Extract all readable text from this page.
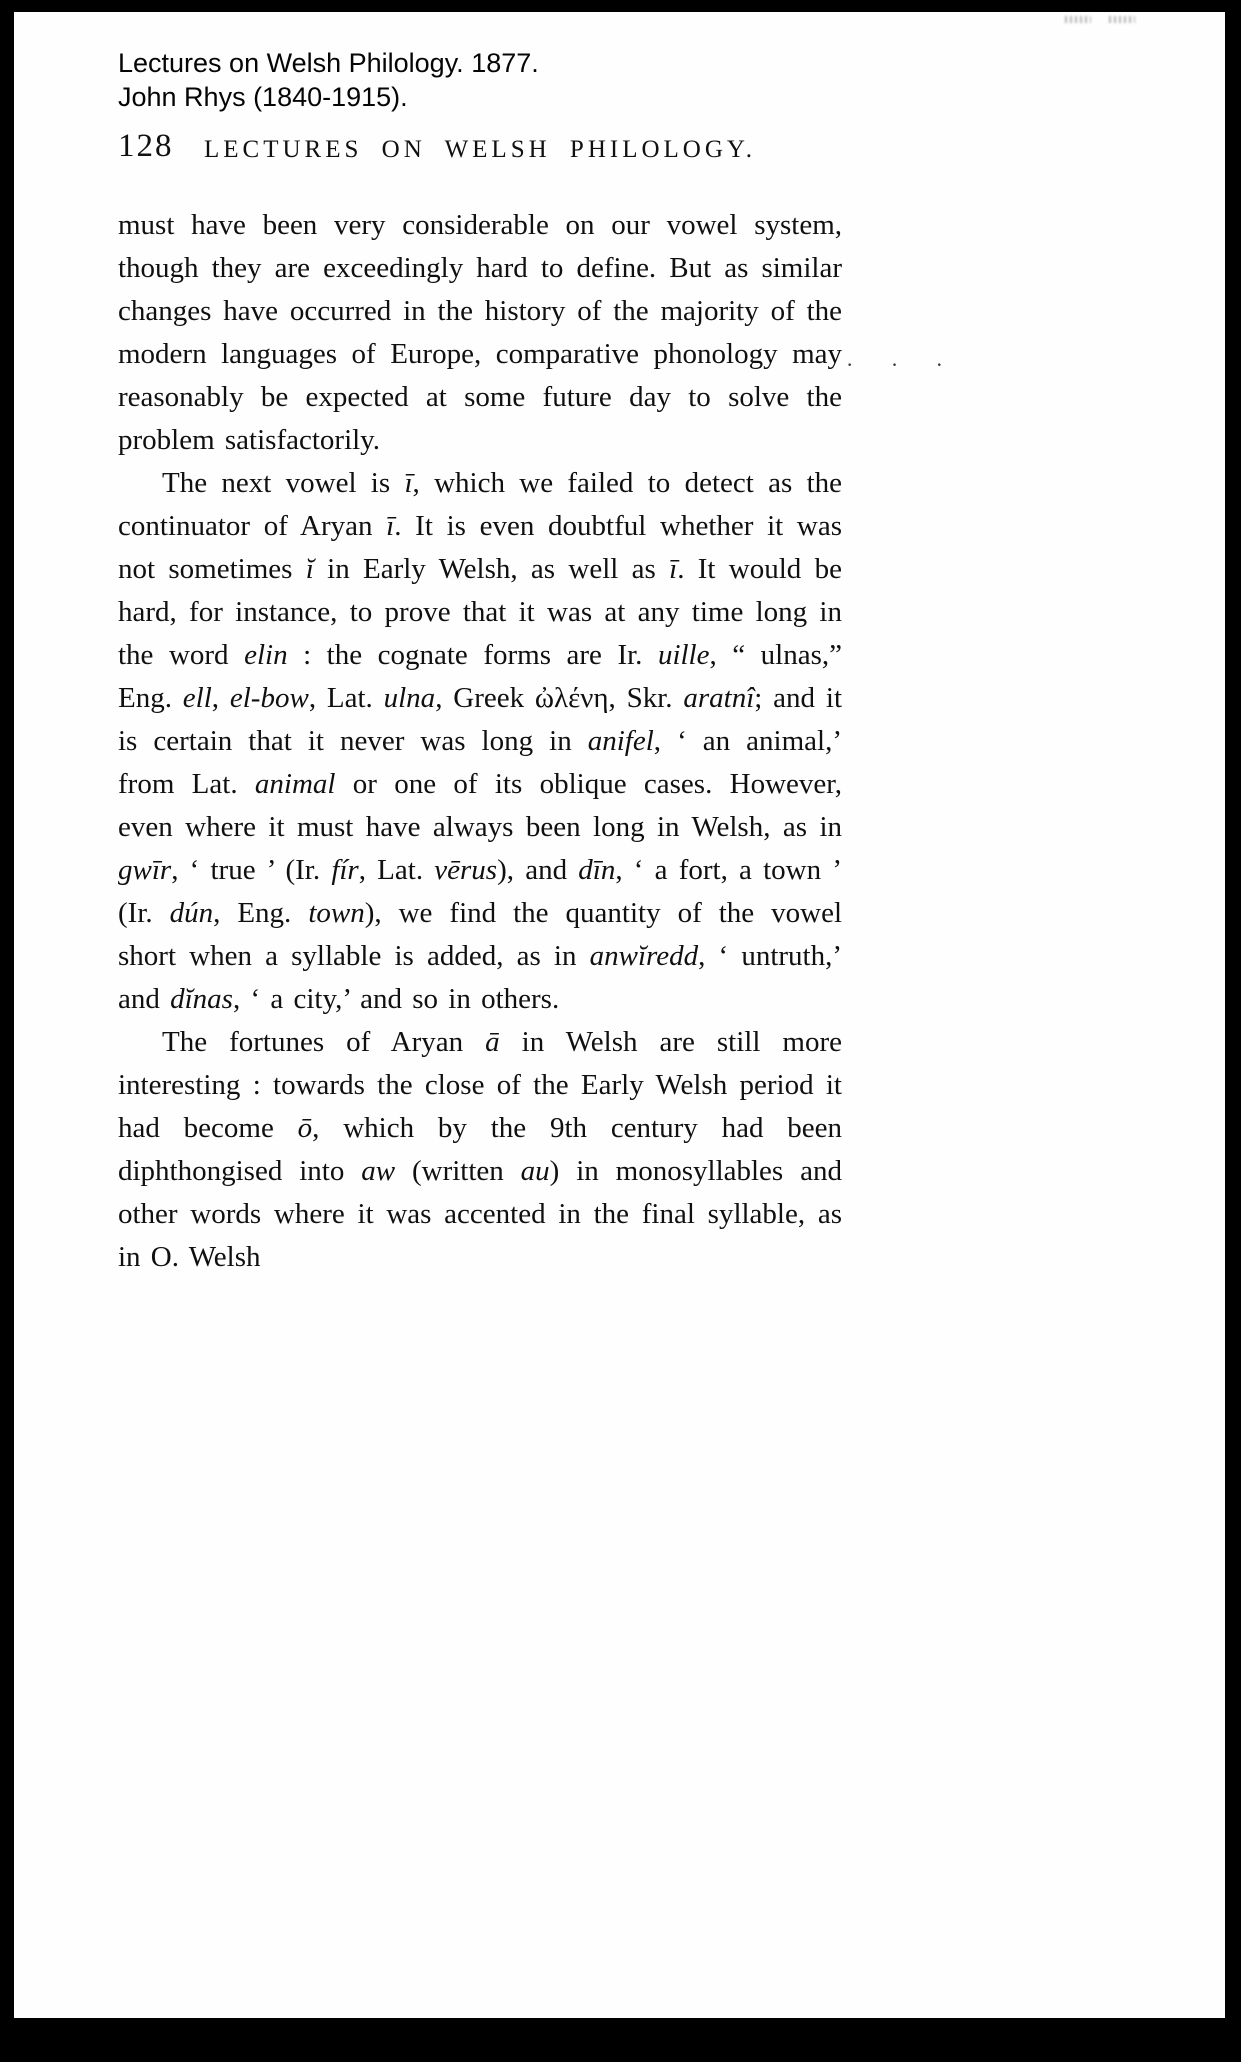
Lectures on Welsh Philology. 1877.
John Rhys (1840-1915).
128	LECTURES ON WELSH PHILOLOGY.
· · ·

must have been very considerable on our vowel system, though they are exceedingly hard to define. But as similar changes have occurred in the history of the majority of the modern languages of Europe, comparative phonology may reasonably be expected at some future day to solve the problem satisfactorily.

The next vowel is ī, which we failed to detect as the continuator of Aryan ī. It is even doubtful whether it was not sometimes ĭ in Early Welsh, as well as ī. It would be hard, for instance, to prove that it was at any time long in the word elin : the cognate forms are Ir. uille, “ ulnas,” Eng. ell, el-bow, Lat. ulna, Greek ὠλένη, Skr. aratnî; and it is certain that it never was long in anifel, ‘ an animal,’ from Lat. animal or one of its oblique cases. However, even where it must have always been long in Welsh, as in gwīr, ‘ true ’ (Ir. fír, Lat. vērus), and dīn, ‘ a fort, a town ’ (Ir. dún, Eng. town), we find the quantity of the vowel short when a syllable is added, as in anwĭredd, ‘ untruth,’ and dĭnas, ‘ a city,’ and so in others.

The fortunes of Aryan ā in Welsh are still more interesting : towards the close of the Early Welsh period it had become ō, which by the 9th century had been diphthongised into aw (written au) in monosyllables and other words where it was accented in the final syllable, as in O. Welsh
